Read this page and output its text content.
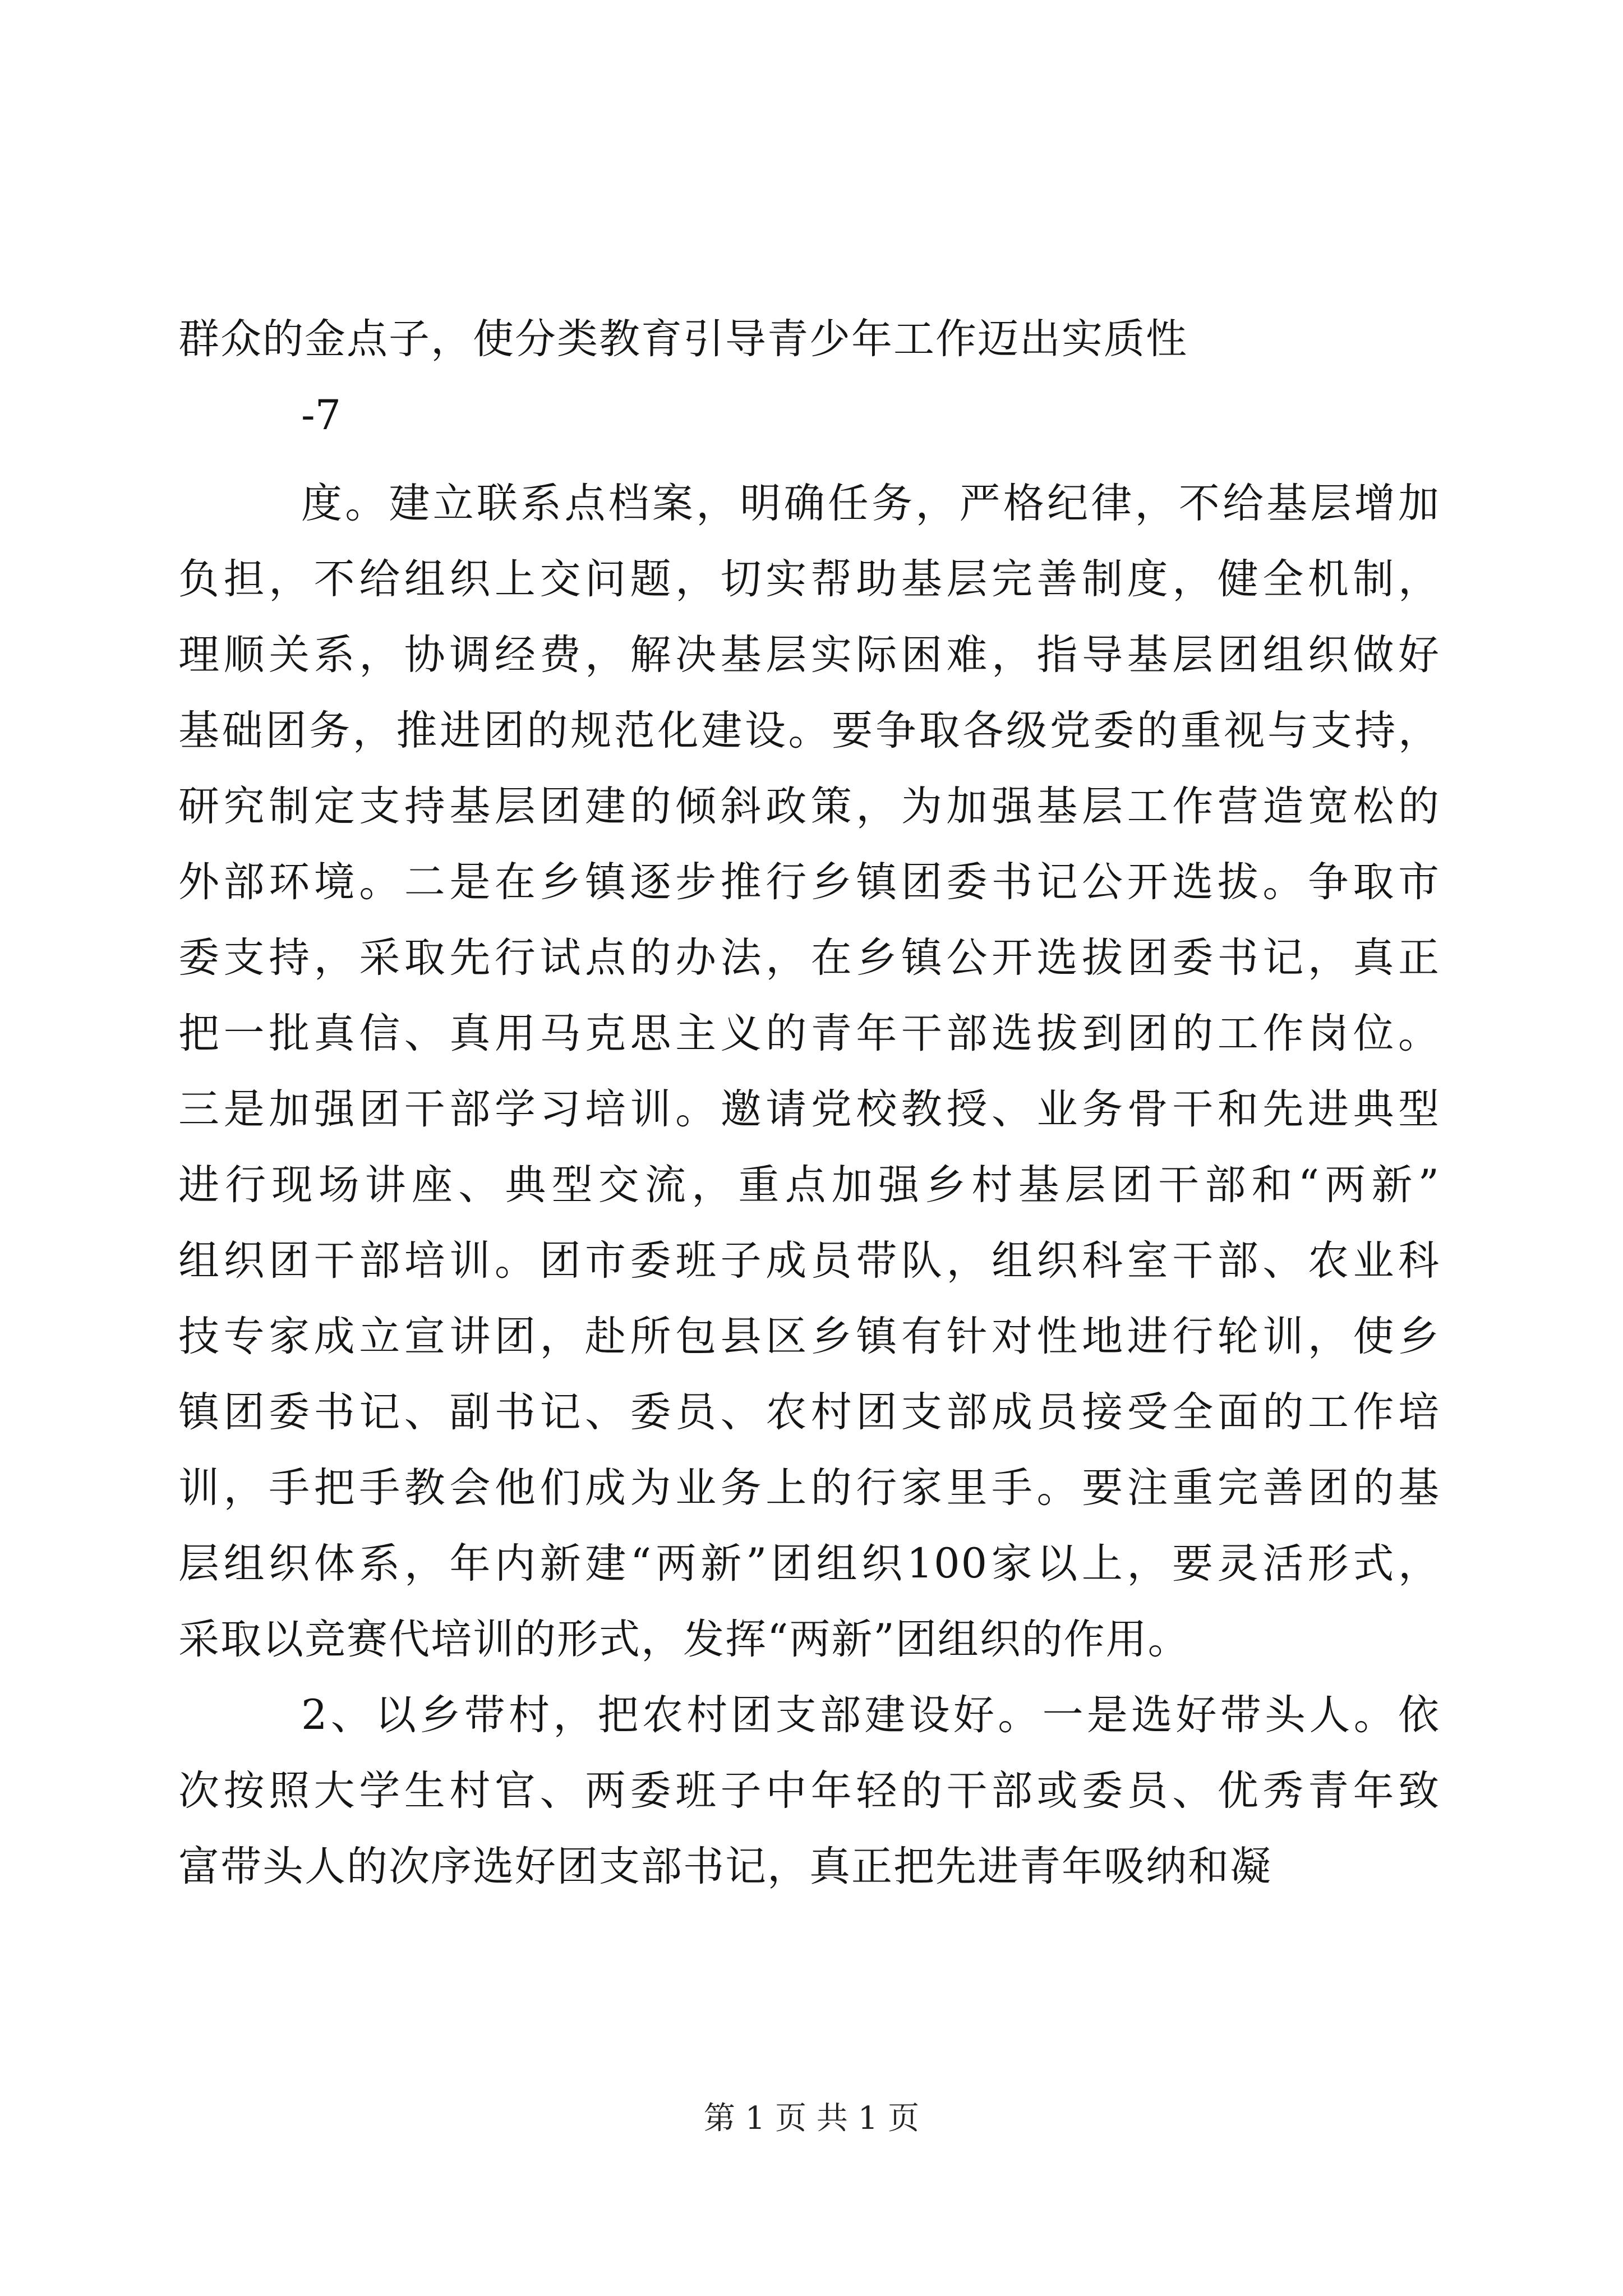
群众的金点子，使分类教育引导青少年工作迈出实质性
-7
度。建立联系点档案，明确任务，严格纪律，不给基层增加
负担，不给组织上交问题，切实帮助基层完善制度，健全机制，
理顺关系，协调经费，解决基层实际困难，指导基层团组织做好
基础团务，推进团的规范化建设。要争取各级党委的重视与支持，
研究制定支持基层团建的倾斜政策，为加强基层工作营造宽松的
外部环境。二是在乡镇逐步推行乡镇团委书记公开选拔。争取市
委支持，采取先行试点的办法，在乡镇公开选拔团委书记，真正
把一批真信、真用马克思主义的青年干部选拔到团的工作岗位。
三是加强团干部学习培训。邀请党校教授、业务骨干和先进典型
进行现场讲座、典型交流，重点加强乡村基层团干部和“两新”
组织团干部培训。团市委班子成员带队，组织科室干部、农业科
技专家成立宣讲团，赴所包县区乡镇有针对性地进行轮训，使乡
镇团委书记、副书记、委员、农村团支部成员接受全面的工作培
训，手把手教会他们成为业务上的行家里手。要注重完善团的基
层组织体系，年内新建“两新”团组织100家以上，要灵活形式，
采取以竞赛代培训的形式，发挥“两新”团组织的作用。
2、以乡带村，把农村团支部建设好。一是选好带头人。依
次按照大学生村官、两委班子中年轻的干部或委员、优秀青年致
富带头人的次序选好团支部书记，真正把先进青年吸纳和凝
第 1 页 共 1 页
